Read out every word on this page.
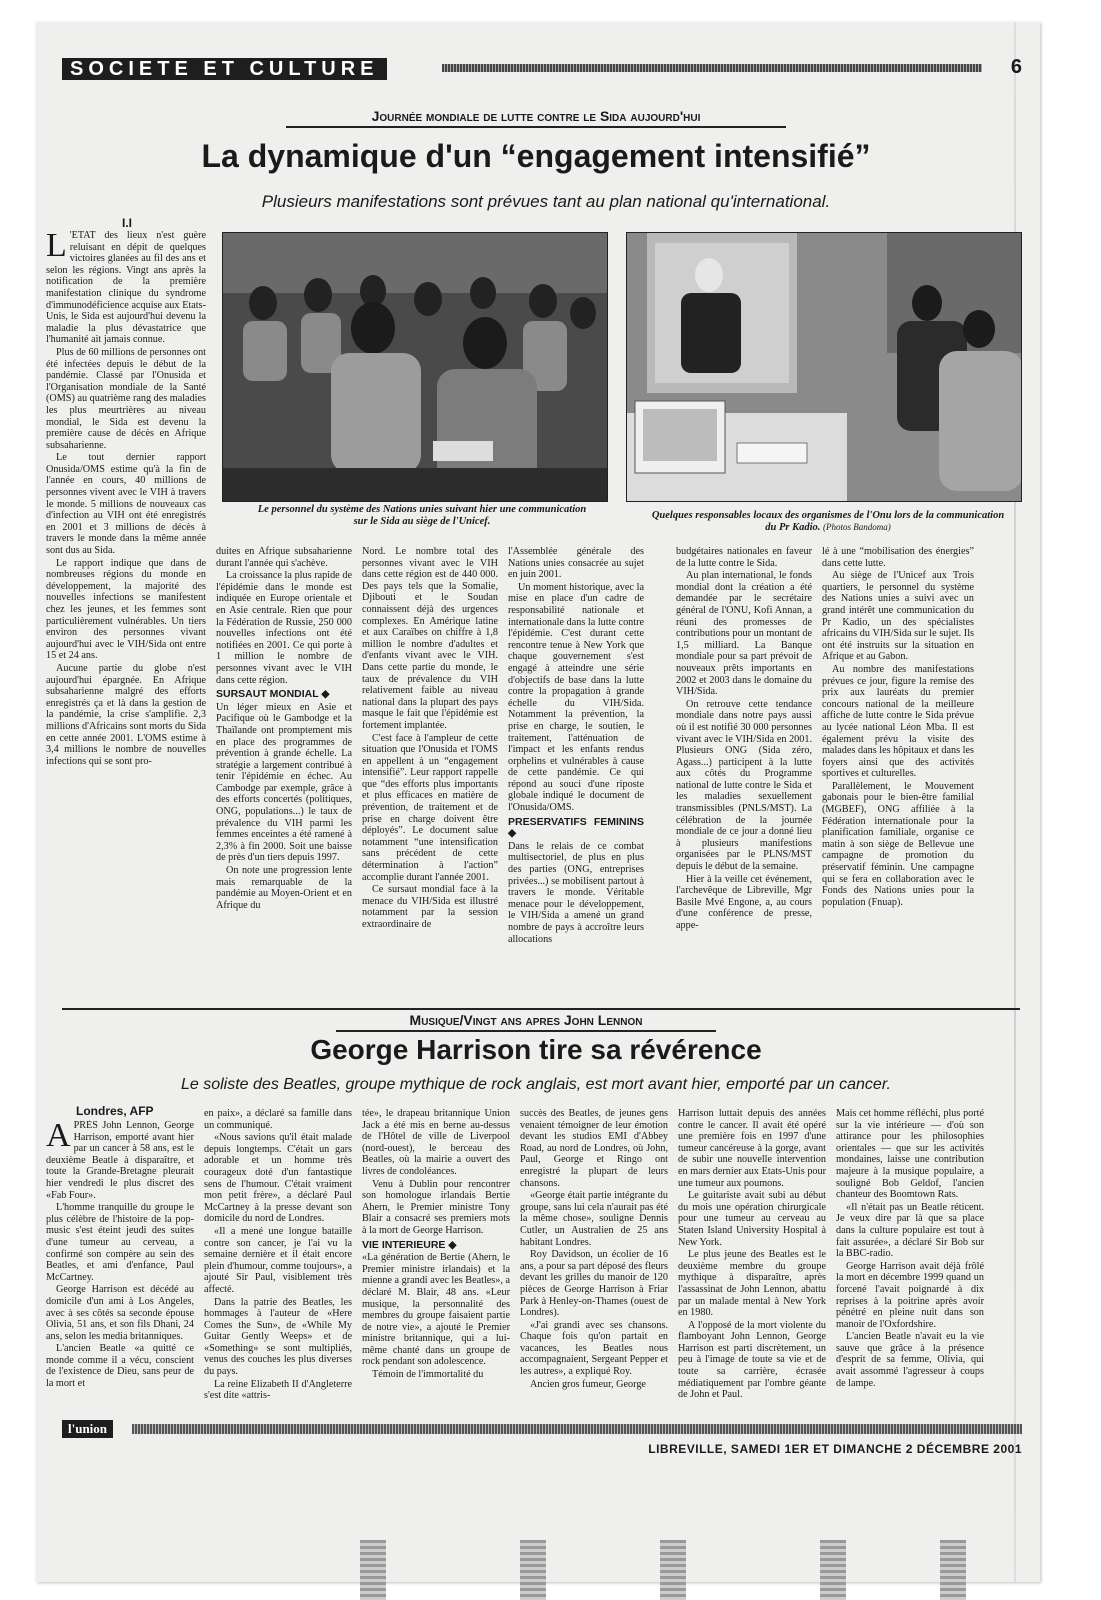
SOCIETE ET CULTURE	6
Journée mondiale de lutte contre le Sida aujourd'hui
La dynamique d'un “engagement intensifié”
Plusieurs manifestations sont prévues tant au plan national qu'international.
I.I
Le personnel du système des Nations unies suivant hier une communication sur le Sida au siège de l'Unicef.
Quelques responsables locaux des organismes de l'Onu lors de la communication du Pr Kadio. (Photos Bandoma)

L 'ETAT des lieux n'est guère reluisant en dépit de quelques victoires glanées au fil des ans et selon les régions. Vingt ans après la notification de la première manifestation clinique du syndrome d'immunodéficience acquise aux Etats-Unis, le Sida est aujourd'hui devenu la maladie la plus dévastatrice que l'humanité ait jamais connue.

Plus de 60 millions de personnes ont été infectées depuis le début de la pandémie. Classé par l'Onusida et l'Organisation mondiale de la Santé (OMS) au quatrième rang des maladies les plus meurtrières au niveau mondial, le Sida est devenu la première cause de décès en Afrique subsaharienne.

Le tout dernier rapport Onusida/OMS estime qu'à la fin de l'année en cours, 40 millions de personnes vivent avec le VIH à travers le monde. 5 millions de nouveaux cas d'infection au VIH ont été enregistrés en 2001 et 3 millions de décès à travers le monde dans la même année sont dus au Sida.

Le rapport indique que dans de nombreuses régions du monde en développement, la majorité des nouvelles infections se manifestent chez les jeunes, et les femmes sont particulièrement vulnérables. Un tiers environ des personnes vivant aujourd'hui avec le VIH/Sida ont entre 15 et 24 ans.

Aucune partie du globe n'est aujourd'hui épargnée. En Afrique subsaharienne malgré des efforts enregistrés ça et là dans la gestion de la pandémie, la crise s'amplifie. 2,3 millions d'Africains sont morts du Sida en cette année 2001. L'OMS estime à 3,4 millions le nombre de nouvelles infections qui se sont pro-

duites en Afrique subsaharienne durant l'année qui s'achève.

La croissance la plus rapide de l'épidémie dans le monde est indiquée en Europe orientale et en Asie centrale. Rien que pour la Fédération de Russie, 250 000 nouvelles infections ont été notifiées en 2001. Ce qui porte à 1 million le nombre de personnes vivant avec le VIH dans cette région.

SURSAUT MONDIAL ◆

Un léger mieux en Asie et Pacifique où le Gambodge et la Thaïlande ont promptement mis en place des programmes de prévention à grande échelle. La stratégie a largement contribué à tenir l'épidémie en échec. Au Cambodge par exemple, grâce à des efforts concertés (politiques, ONG, populations...) le taux de prévalence du VIH parmi les femmes enceintes a été ramené à 2,3% à fin 2000. Soit une baisse de près d'un tiers depuis 1997.

On note une progression lente mais remarquable de la pandémie au Moyen-Orient et en Afrique du

Nord. Le nombre total des personnes vivant avec le VIH dans cette région est de 440 000. Des pays tels que la Somalie, Djibouti et le Soudan connaissent déjà des urgences complexes. En Amérique latine et aux Caraïbes on chiffre à 1,8 million le nombre d'adultes et d'enfants vivant avec le VIH. Dans cette partie du monde, le taux de prévalence du VIH relativement faible au niveau national dans la plupart des pays masque le fait que l'épidémie est fortement implantée.

C'est face à l'ampleur de cette situation que l'Onusida et l'OMS en appellent à un “engagement intensifié”. Leur rapport rappelle que “des efforts plus importants et plus efficaces en matière de prévention, de traitement et de prise en charge doivent être déployés”. Le document salue notamment “une intensification sans précédent de cette détermination à l'action” accomplie durant l'année 2001.

Ce sursaut mondial face à la menace du VIH/Sida est illustré notamment par la session extraordinaire de

l'Assemblée générale des Nations unies consacrée au sujet en juin 2001.

Un moment historique, avec la mise en place d'un cadre de responsabilité nationale et internationale dans la lutte contre l'épidémie. C'est durant cette rencontre tenue à New York que chaque gouvernement s'est engagé à atteindre une série d'objectifs de base dans la lutte contre la propagation à grande échelle du VIH/Sida. Notamment la prévention, la prise en charge, le soutien, le traitement, l'atténuation de l'impact et les enfants rendus orphelins et vulnérables à cause de cette pandémie. Ce qui répond au souci d'une riposte globale indiqué le document de l'Onusida/OMS.

PRESERVATIFS FEMININS ◆

Dans le relais de ce combat multisectoriel, de plus en plus des parties (ONG, entreprises privées...) se mobilisent partout à travers le monde. Véritable menace pour le développement, le VIH/Sida a amené un grand nombre de pays à accroître leurs allocations

budgétaires nationales en faveur de la lutte contre le Sida.

Au plan international, le fonds mondial dont la création a été demandée par le secrétaire général de l'ONU, Kofi Annan, a réuni des promesses de contributions pour un montant de 1,5 milliard. La Banque mondiale pour sa part prévoit de nouveaux prêts importants en 2002 et 2003 dans le domaine du VIH/Sida.

On retrouve cette tendance mondiale dans notre pays aussi où il est notifié 30 000 personnes vivant avec le VIH/Sida en 2001. Plusieurs ONG (Sida zéro, Agass...) participent à la lutte aux côtés du Programme national de lutte contre le Sida et les maladies sexuellement transmissibles (PNLS/MST). La célébration de la journée mondiale de ce jour a donné lieu à plusieurs manifestions organisées par le PLNS/MST depuis le début de la semaine.

Hier à la veille cet événement, l'archevêque de Libreville, Mgr Basile Mvé Engone, a, au cours d'une conférence de presse, appe-

lé à une “mobilisation des énergies” dans cette lutte.

Au siège de l'Unicef aux Trois quartiers, le personnel du système des Nations unies a suivi avec un grand intérêt une communication du Pr Kadio, un des spécialistes africains du VIH/Sida sur le sujet. Ils ont été instruits sur la situation en Afrique et au Gabon.

Au nombre des manifestations prévues ce jour, figure la remise des prix aux lauréats du premier concours national de la meilleure affiche de lutte contre le Sida prévue au lycée national Léon Mba. Il est également prévu la visite des malades dans les hôpitaux et dans les foyers ainsi que des activités sportives et culturelles.

Parallèlement, le Mouvement gabonais pour le bien-être familial (MGBEF), ONG affiliée à la Fédération internationale pour la planification familiale, organise ce matin à son siège de Bellevue une campagne de promotion du préservatif féminin. Une campagne qui se fera en collaboration avec le Fonds des Nations unies pour la population (Fnuap).

Musique/Vingt ans apres John Lennon
George Harrison tire sa révérence
Le soliste des Beatles, groupe mythique de rock anglais, est mort avant hier, emporté par un cancer.
Londres, AFP

APRÈS John Lennon, George Harrison, emporté avant hier par un cancer à 58 ans, est le deuxième Beatle à disparaître, et toute la Grande-Bretagne pleurait hier vendredi le plus discret des «Fab Four».

L'homme tranquille du groupe le plus célèbre de l'histoire de la pop-music s'est éteint jeudi des suites d'une tumeur au cerveau, a confirmé son compère au sein des Beatles, et ami d'enfance, Paul McCartney.

George Harrison est décédé au domicile d'un ami à Los Angeles, avec à ses côtés sa seconde épouse Olivia, 51 ans, et son fils Dhani, 24 ans, selon les media britanniques.

L'ancien Beatle «a quitté ce monde comme il a vécu, conscient de l'existence de Dieu, sans peur de la mort et

en paix», a déclaré sa famille dans un communiqué.

«Nous savions qu'il était malade depuis longtemps. C'était un gars adorable et un homme très courageux doté d'un fantastique sens de l'humour. C'était vraiment mon petit frère», a déclaré Paul McCartney à la presse devant son domicile du nord de Londres.

«Il a mené une longue bataille contre son cancer, je l'ai vu la semaine dernière et il était encore plein d'humour, comme toujours», a ajouté Sir Paul, visiblement très affecté.

Dans la patrie des Beatles, les hommages à l'auteur de «Here Comes the Sun», de «While My Guitar Gently Weeps» et de «Something» se sont multipliés, venus des couches les plus diverses du pays.

La reine Elizabeth II d'Angleterre s'est dite «attris-

tée», le drapeau britannique Union Jack a été mis en berne au-dessus de l'Hôtel de ville de Liverpool (nord-ouest), le berceau des Beatles, où la mairie a ouvert des livres de condoléances.

Venu à Dublin pour rencontrer son homologue irlandais Bertie Ahern, le Premier ministre Tony Blair a consacré ses premiers mots à la mort de George Harrison.

VIE INTERIEURE ◆

«La génération de Bertie (Ahern, le Premier ministre irlandais) et la mienne a grandi avec les Beatles», a déclaré M. Blair, 48 ans. «Leur musique, la personnalité des membres du groupe faisaient partie de notre vie», a ajouté le Premier ministre britannique, qui a lui-même chanté dans un groupe de rock pendant son adolescence.

Témoin de l'immortalité du

succès des Beatles, de jeunes gens venaient témoigner de leur émotion devant les studios EMI d'Abbey Road, au nord de Londres, où John, Paul, George et Ringo ont enregistré la plupart de leurs chansons.

«George était partie intégrante du groupe, sans lui cela n'aurait pas été la même chose», souligne Dennis Cutler, un Australien de 25 ans habitant Londres.

Roy Davidson, un écolier de 16 ans, a pour sa part déposé des fleurs devant les grilles du manoir de 120 pièces de George Harrison à Friar Park à Henley-on-Thames (ouest de Londres).

«J'ai grandi avec ses chansons. Chaque fois qu'on partait en vacances, les Beatles nous accompagnaient, Sergeant Pepper et les autres», a expliqué Roy.

Ancien gros fumeur, George

Harrison luttait depuis des années contre le cancer. Il avait été opéré une première fois en 1997 d'une tumeur cancéreuse à la gorge, avant de subir une nouvelle intervention en mars dernier aux Etats-Unis pour une tumeur aux poumons.

Le guitariste avait subi au début du mois une opération chirurgicale pour une tumeur au cerveau au Staten Island University Hospital à New York.

Le plus jeune des Beatles est le deuxième membre du groupe mythique à disparaître, après l'assassinat de John Lennon, abattu par un malade mental à New York en 1980.

A l'opposé de la mort violente du flamboyant John Lennon, George Harrison est parti discrètement, un peu à l'image de toute sa vie et de toute sa carrière, écrasée médiatiquement par l'ombre géante de John et Paul.

Mais cet homme réfléchi, plus porté sur la vie intérieure — d'où son attirance pour les philosophies orientales — que sur les activités mondaines, laisse une contribution majeure à la musique populaire, a souligné Bob Geldof, l'ancien chanteur des Boomtown Rats.

«Il n'était pas un Beatle réticent. Je veux dire par là que sa place dans la culture populaire est tout à fait assurée», a déclaré Sir Bob sur la BBC-radio.

George Harrison avait déjà frôlé la mort en décembre 1999 quand un forcené l'avait poignardé à dix reprises à la poitrine après avoir pénétré en pleine nuit dans son manoir de l'Oxfordshire.

L'ancien Beatle n'avait eu la vie sauve que grâce à la présence d'esprit de sa femme, Olivia, qui avait assommé l'agresseur à coups de lampe.

l'union
LIBREVILLE, SAMEDI 1ER ET DIMANCHE 2 DÉCEMBRE 2001
